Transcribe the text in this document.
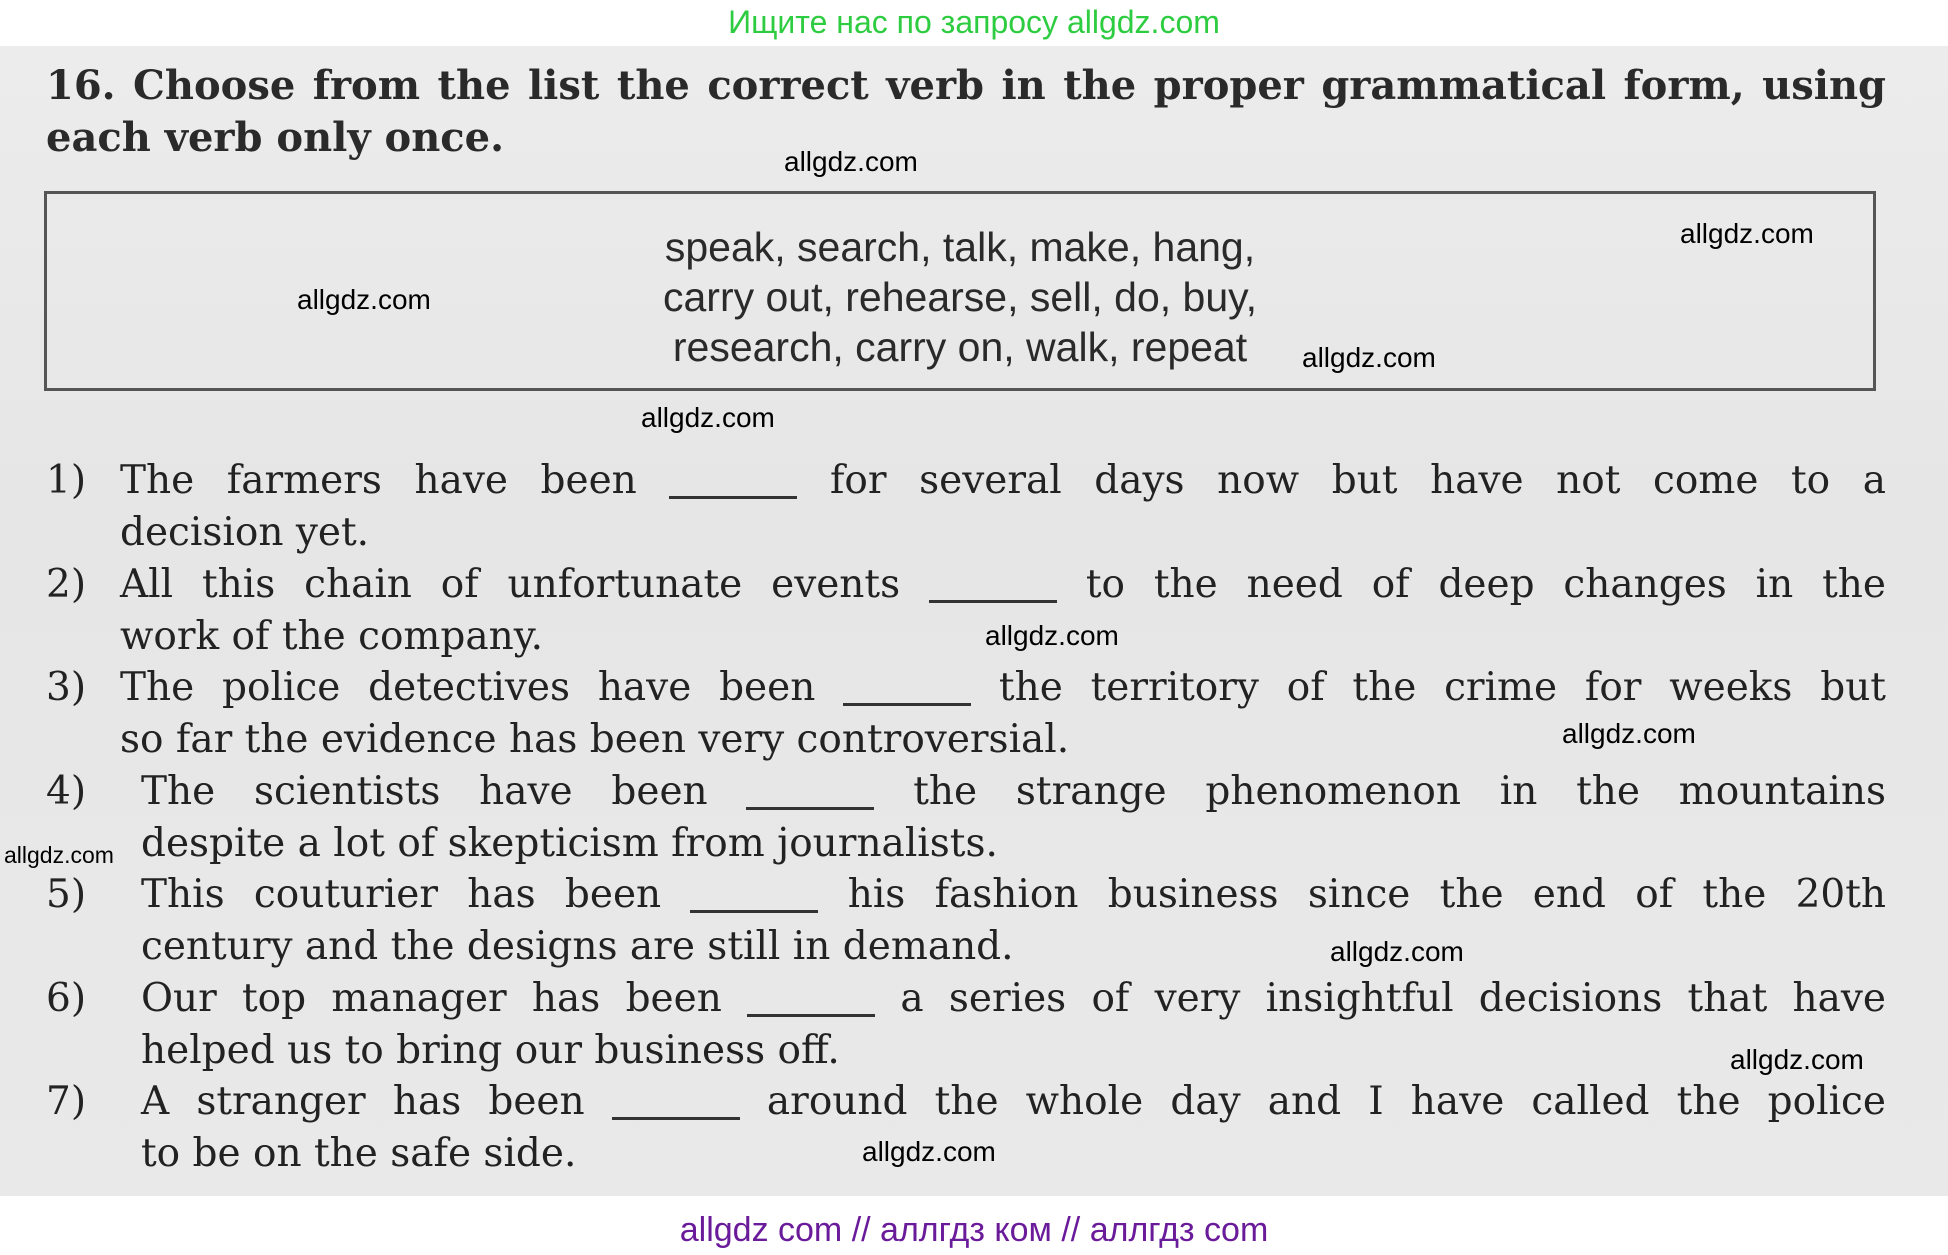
Ищите нас по запросу allgdz.com
16. Choose from the list the correct verb in the proper grammatical form, using each verb only once.
speak, search, talk, make, hang,
carry out, rehearse, sell, do, buy,
research, carry on, walk, repeat
1) The farmers have been	for several days now but have not come to a
decision yet.
2) All this chain of unfortunate events	to the need of deep changes in the
work of the company.
3) The police detectives have been	the territory of the crime for weeks but
so far the evidence has been very controversial.
4)	The scientists have been	the strange phenomenon in the mountains
despite a lot of skepticism from journalists.
5)	This couturier has been	his fashion business since the end of the 20th
century and the designs are still in demand.
6)	Our top manager has been	a series of very insightful decisions that have
helped us to bring our business off.
7)	A stranger has been	around the whole day and I have called the police
to be on the safe side.
allgdz.com
allgdz.com
allgdz.com
allgdz.com
allgdz.com
allgdz.com
allgdz.com
allgdz.com
allgdz.com
allgdz.com
allgdz.com
allgdz com // аллгдз ком // аллгдз com
